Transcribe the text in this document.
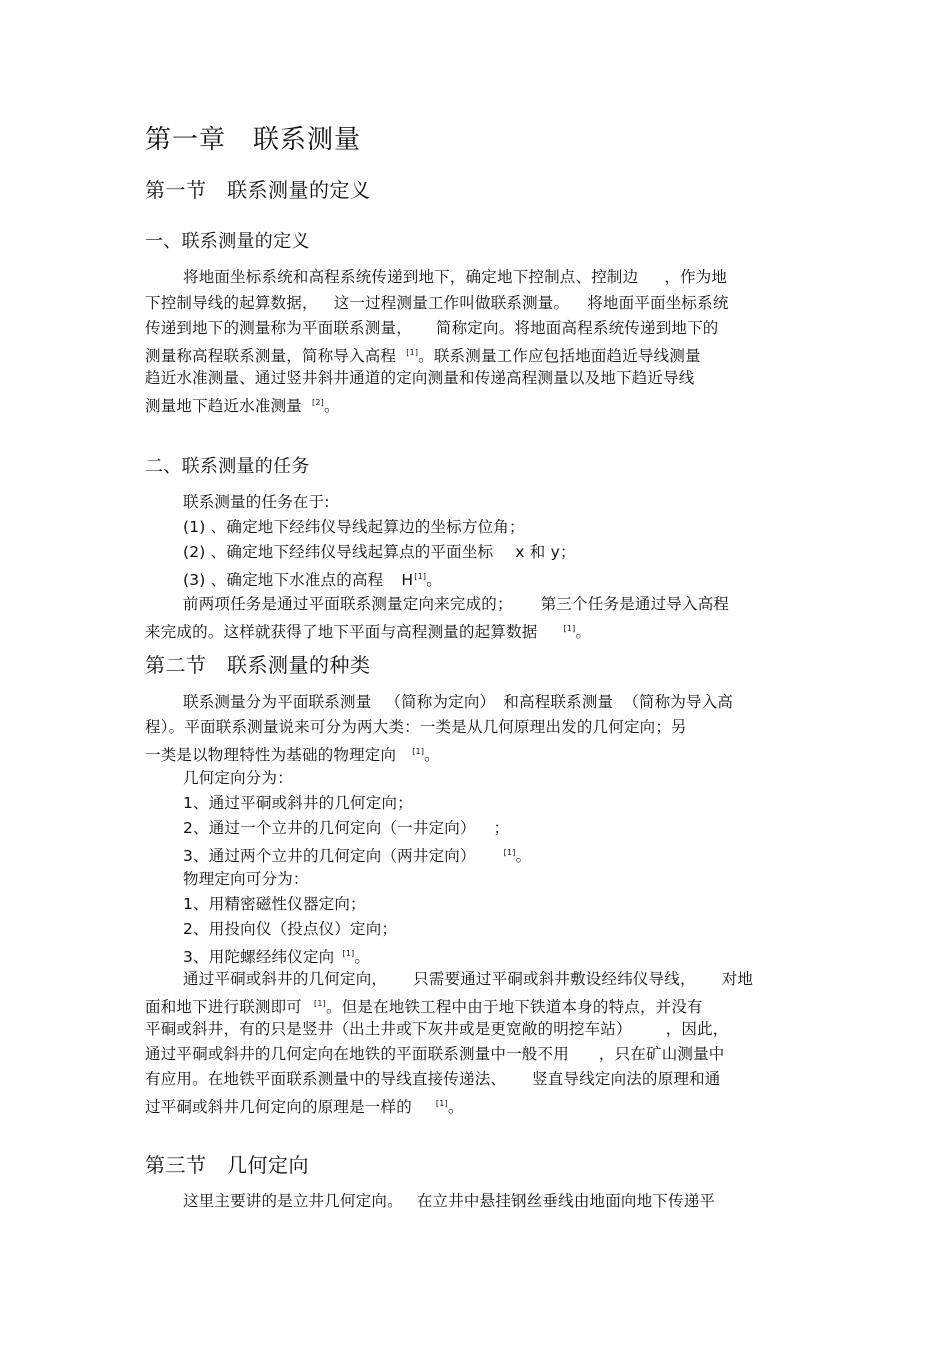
第一章　联系测量
第一节　联系测量的定义
一、联系测量的定义
将地面坐标系统和高程系统传递到地下，确定地下控制点、控制边 ，作为地
下控制导线的起算数据， 这一过程测量工作叫做联系测量。 将地面平面坐标系统
传递到地下的测量称为平面联系测量， 简称定向。将地面高程系统传递到地下的
测量称高程联系测量，简称导入高程 [1]。联系测量工作应包括地面趋近导线测量
趋近水准测量、通过竖井斜井通道的定向测量和传递高程测量以及地下趋近导线
测量地下趋近水准测量 [2]。
二、联系测量的任务
联系测量的任务在于:
(1) 、确定地下经纬仪导线起算边的坐标方位角；
(2) 、确定地下经纬仪导线起算点的平面坐标 x 和 y；
(3) 、确定地下水准点的高程 H[1]。
前两项任务是通过平面联系测量定向来完成的； 第三个任务是通过导入高程
来完成的。这样就获得了地下平面与高程测量的起算数据	[1]。
第二节　联系测量的种类
联系测量分为平面联系测量 （简称为定向） 和高程联系测量 （简称为导入高
程）。平面联系测量说来可分为两大类：一类是从几何原理出发的几何定向；另
一类是以物理特性为基础的物理定向 [1]。
几何定向分为：
1、通过平硐或斜井的几何定向；
2、通过一个立井的几何定向（一井定向） ；
3、通过两个立井的几何定向（两井定向）	[1]。
物理定向可分为：
1、用精密磁性仪器定向；
2、用投向仪（投点仪）定向；
3、用陀螺经纬仪定向 [1]。
通过平硐或斜井的几何定向， 只需要通过平硐或斜井敷设经纬仪导线， 对地
面和地下进行联测即可 [1]。但是在地铁工程中由于地下铁道本身的特点，并没有
平硐或斜井，有的只是竖井（出土井或下灰井或是更宽敞的明挖车站） ，因此，
通过平硐或斜井的几何定向在地铁的平面联系测量中一般不用 ，只在矿山测量中
有应用。在地铁平面联系测量中的导线直接传递法、 竖直导线定向法的原理和通
过平硐或斜井几何定向的原理是一样的	[1]。
第三节　几何定向
这里主要讲的是立井几何定向。 在立井中悬挂钢丝垂线由地面向地下传递平
